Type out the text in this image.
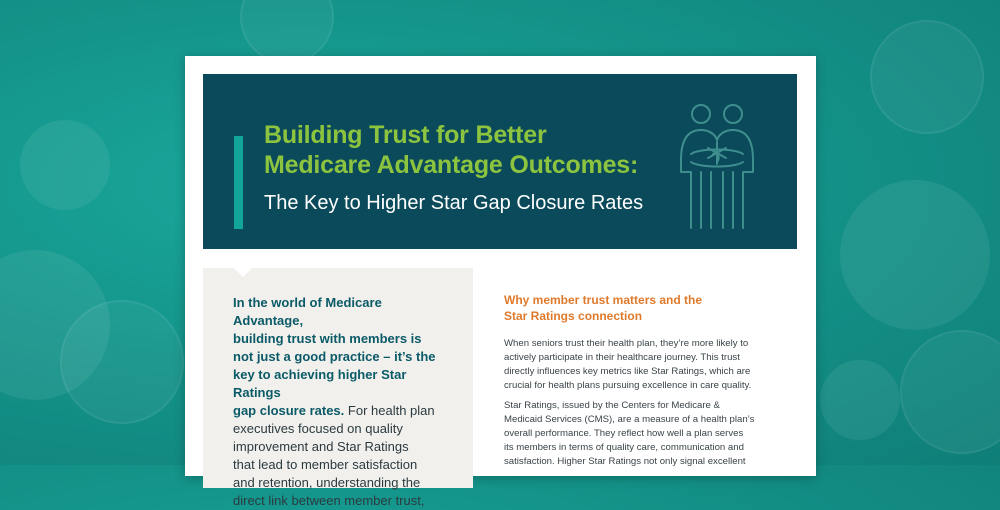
Building Trust for Better
Medicare Advantage Outcomes:
The Key to Higher Star Gap Closure Rates

In the world of Medicare Advantage,
building trust with members is
not just a good practice – it’s the
key to achieving higher Star Ratings
gap closure rates. For health plan
executives focused on quality
improvement and Star Ratings
that lead to member satisfaction
and retention, understanding the
direct link between member trust,

Why member trust matters and the
Star Ratings connection
When seniors trust their health plan, they’re more likely to
actively participate in their healthcare journey. This trust
directly influences key metrics like Star Ratings, which are
crucial for health plans pursuing excellence in care quality.
Star Ratings, issued by the Centers for Medicare &
Medicaid Services (CMS), are a measure of a health plan’s
overall performance. They reflect how well a plan serves
its members in terms of quality care, communication and
satisfaction. Higher Star Ratings not only signal excellent
